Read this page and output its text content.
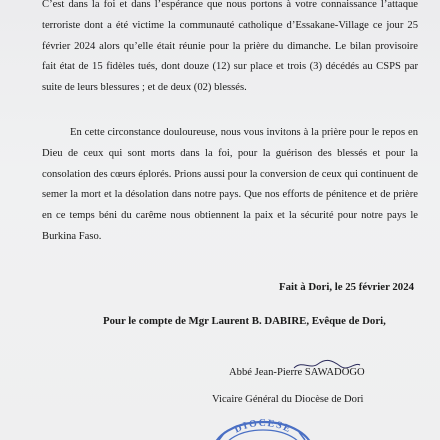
C’est dans la foi et dans l’espérance que nous portons à votre connaissance l’attaque terroriste dont a été victime la communauté catholique d’Essakane-Village ce jour 25 février 2024 alors qu’elle était réunie pour la prière du dimanche. Le bilan provisoire fait état de 15 fidèles tués, dont douze (12) sur place et trois (3) décédés au CSPS par suite de leurs blessures ; et de deux (02) blessés.

En cette circonstance douloureuse, nous vous invitons à la prière pour le repos en Dieu de ceux qui sont morts dans la foi, pour la guérison des blessés et pour la consolation des cœurs éplorés. Prions aussi pour la conversion de ceux qui continuent de semer la mort et la désolation dans notre pays. Que nos efforts de pénitence et de prière en ce temps béni du carême nous obtiennent la paix et la sécurité pour notre pays le Burkina Faso.

Fait à Dori, le 25 février 2024
Pour le compte de Mgr Laurent B. DABIRE, Evêque de Dori,
Abbé Jean-Pierre SAWADOGO
Vicaire Général du Diocèse de Dori
DIOCESE
